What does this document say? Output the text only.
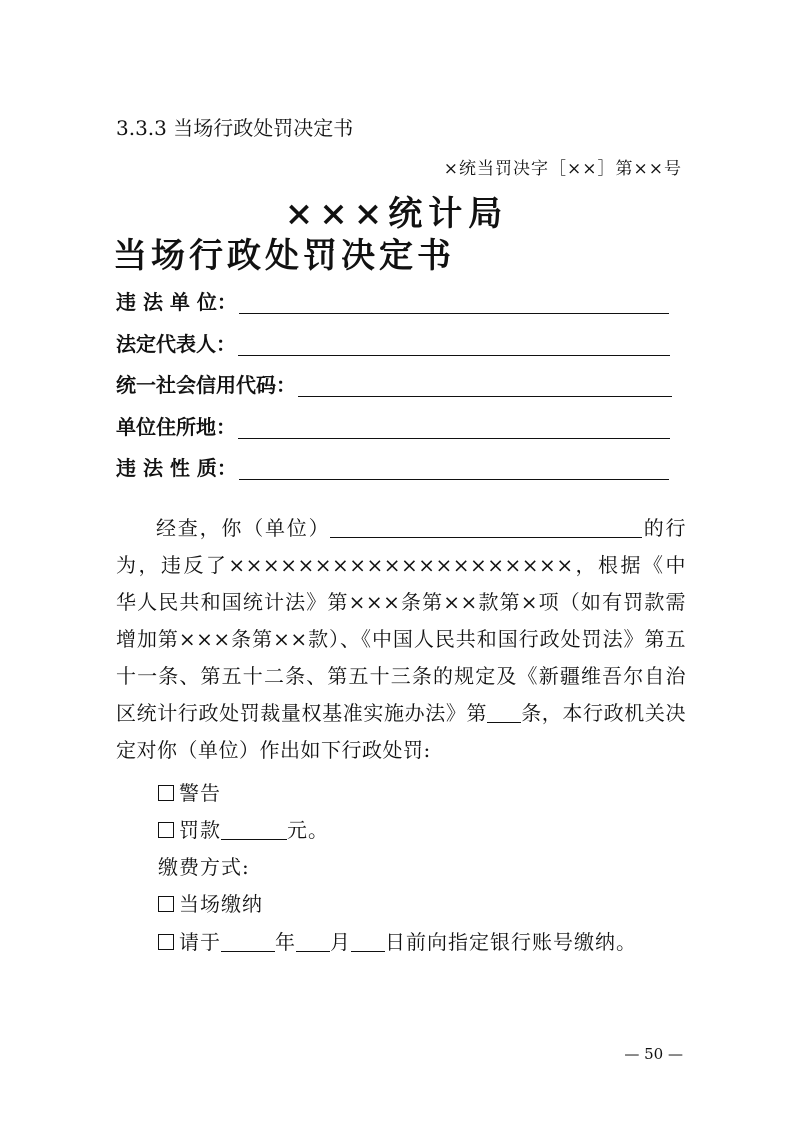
3.3.3 当场行政处罚决定书
×统当罚决字［××］第××号
×××统计局
当场行政处罚决定书
违 法 单 位：
法定代表人：
统一社会信用代码：
单位住所地：
违 法 性 质：
经查，你（单位）	的行为，违反了××××××××××××××××××××，根据《中华人民共和国统计法》第×××条第××款第×项（如有罚款需增加第×××条第××款）、《中国人民共和国行政处罚法》第五十一条、第五十二条、第五十三条的规定及《新疆维吾尔自治区统计行政处罚裁量权基准实施办法》第 条，本行政机关决定对你（单位）作出如下行政处罚:
警告
罚款	元。
缴费方式:
当场缴纳
请于	年 月 日前向指定银行账号缴纳。
— 50 —
